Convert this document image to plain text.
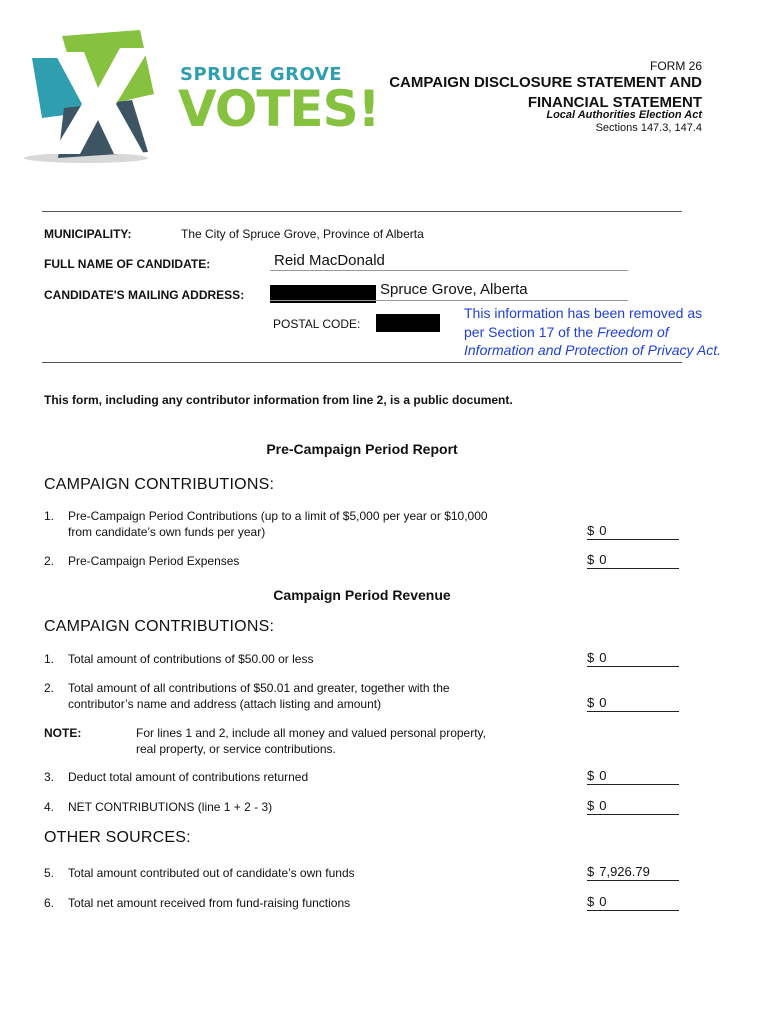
SPRUCE GROVE
VOTES!
FORM 26
CAMPAIGN DISCLOSURE STATEMENT AND FINANCIAL STATEMENT
Local Authorities Election Act
Sections 147.3, 147.4
MUNICIPALITY:	The City of Spruce Grove, Province of Alberta
FULL NAME OF CANDIDATE:	Reid MacDonald
CANDIDATE'S MAILING ADDRESS:	Spruce Grove, Alberta
POSTAL CODE:
This information has been removed as
per Section 17 of the Freedom of
Information and Protection of Privacy Act.
This form, including any contributor information from line 2, is a public document.
Pre-Campaign Period Report
CAMPAIGN CONTRIBUTIONS:
1. Pre-Campaign Period Contributions (up to a limit of $5,000 per year or $10,000
from candidate’s own funds per year)	$ 0
2. Pre-Campaign Period Expenses	$ 0
Campaign Period Revenue
CAMPAIGN CONTRIBUTIONS:
1. Total amount of contributions of $50.00 or less	$ 0
2. Total amount of all contributions of $50.01 and greater, together with the
contributor’s name and address (attach listing and amount)	$ 0
NOTE:	For lines 1 and 2, include all money and valued personal property,
real property, or service contributions.
3. Deduct total amount of contributions returned	$ 0
4. NET CONTRIBUTIONS (line 1 + 2 - 3)	$ 0
OTHER SOURCES:
5. Total amount contributed out of candidate’s own funds	$ 7,926.79
6. Total net amount received from fund-raising functions	$ 0
